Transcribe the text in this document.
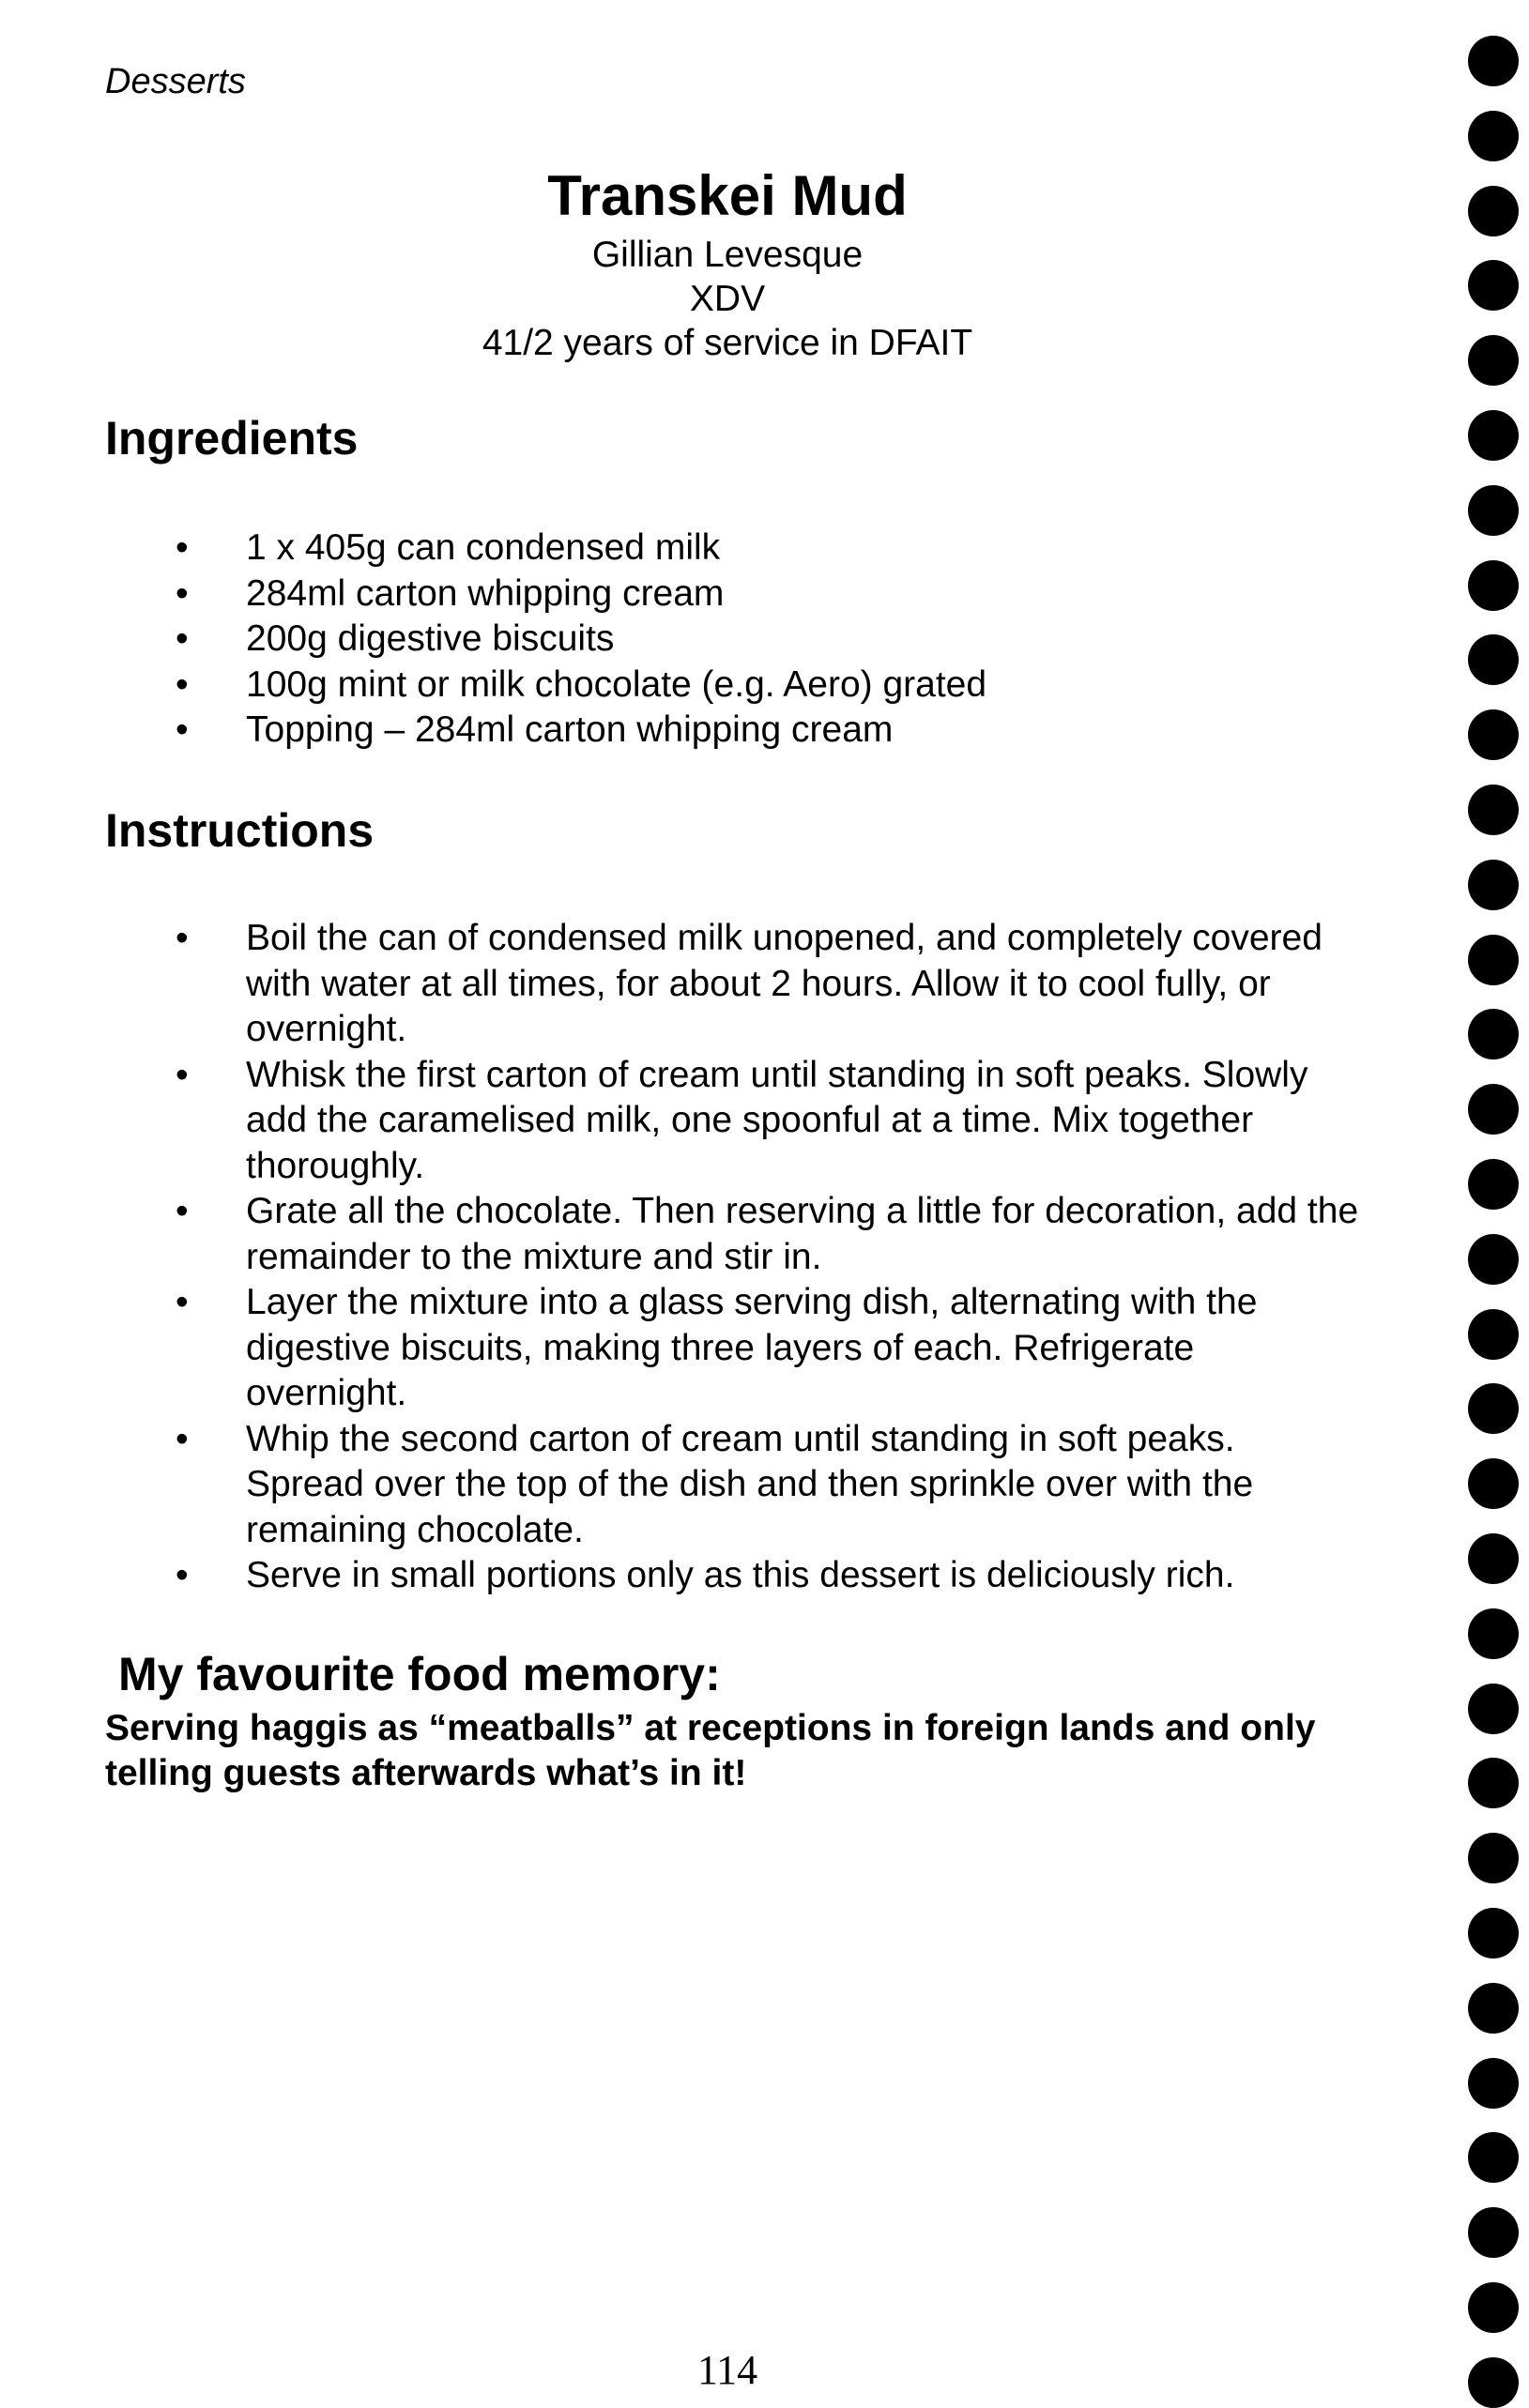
Desserts
Transkei Mud
Gillian Levesque
XDV
41/2 years of service in DFAIT
Ingredients
• 1 x 405g can condensed milk
• 284ml carton whipping cream
• 200g digestive biscuits
• 100g mint or milk chocolate (e.g. Aero) grated
• Topping – 284ml carton whipping cream
Instructions
• Boil the can of condensed milk unopened, and completely covered with water at all times, for about 2 hours. Allow it to cool fully, or overnight.
• Whisk the first carton of cream until standing in soft peaks. Slowly add the caramelised milk, one spoonful at a time. Mix together thoroughly.
• Grate all the chocolate. Then reserving a little for decoration, add the remainder to the mixture and stir in.
• Layer the mixture into a glass serving dish, alternating with the digestive biscuits, making three layers of each. Refrigerate overnight.
• Whip the second carton of cream until standing in soft peaks. Spread over the top of the dish and then sprinkle over with the remaining chocolate.
• Serve in small portions only as this dessert is deliciously rich.
My favourite food memory:
Serving haggis as “meatballs” at receptions in foreign lands and only telling guests afterwards what’s in it!
114
